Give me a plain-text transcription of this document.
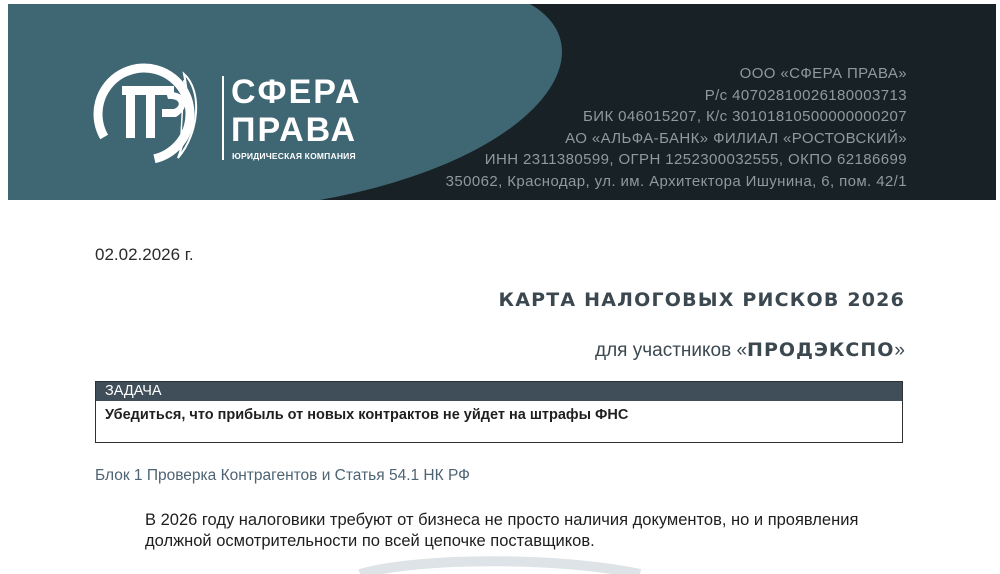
СФЕРА
ПРАВА
ЮРИДИЧЕСКАЯ КОМПАНИЯ
ООО «СФЕРА ПРАВА»
Р/с 40702810026180003713
БИК 046015207, К/с 30101810500000000207
АО «АЛЬФА-БАНК» ФИЛИАЛ «РОСТОВСКИЙ»
ИНН 2311380599, ОГРН 1252300032555, ОКПО 62186699
350062, Краснодар, ул. им. Архитектора Ишунина, 6, пом. 42/1
02.02.2026 г.
КАРТА НАЛОГОВЫХ РИСКОВ 2026
для участников «ПРОДЭКСПО»
ЗАДАЧА
Убедиться, что прибыль от новых контрактов не уйдет на штрафы ФНС
Блок 1 Проверка Контрагентов и Статья 54.1 НК РФ
В 2026 году налоговики требуют от бизнеса не просто наличия документов, но и проявления
должной осмотрительности по всей цепочке поставщиков.
